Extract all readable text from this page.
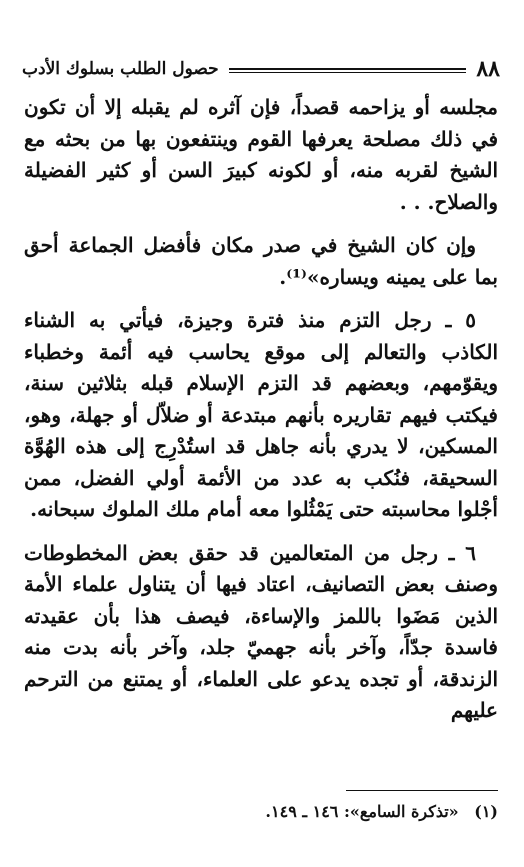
٨٨
حصول الطلب بسلوك الأدب

مجلسه أو يزاحمه قصداً، فإن آثره لم يقبله إلا أن تكون في ذلك مصلحة يعرفها القوم وينتفعون بها من بحثه مع الشيخ لقربه منه، أو لكونه كبيرَ السن أو كثير الفضيلة والصلاح. . .

وإن كان الشيخ في صدر مكان فأفضل الجماعة أحق بما على يمينه ويساره»⁽¹⁾.

٥ ـ رجل التزم منذ فترة وجيزة، فيأتي به الشناء الكاذب والتعالم إلى موقع يحاسب فيه أئمة وخطباء ويقوّمهم، وبعضهم قد التزم الإسلام قبله بثلاثين سنة، فيكتب فيهم تقاريره بأنهم مبتدعة أو ضلاّل أو جهلة، وهو، المسكين، لا يدري بأنه جاهل قد استُدْرِج إلى هذه الهُوَّة السحيقة، فنُكب به عدد من الأئمة أولي الفضل، ممن أجْلوا محاسبته حتى يَمْثُلوا معه أمام ملك الملوك سبحانه.

٦ ـ رجل من المتعالمين قد حقق بعض المخطوطات وصنف بعض التصانيف، اعتاد فيها أن يتناول علماء الأمة الذين مَضَوا باللمز والإساءة، فيصف هذا بأن عقيدته فاسدة جدّاً، وآخر بأنه جهميّ جلد، وآخر بأنه بدت منه الزندقة، أو تجده يدعو على العلماء، أو يمتنع من الترحم عليهم

(١) «تذكرة السامع»: ١٤٦ ـ ١٤٩.
